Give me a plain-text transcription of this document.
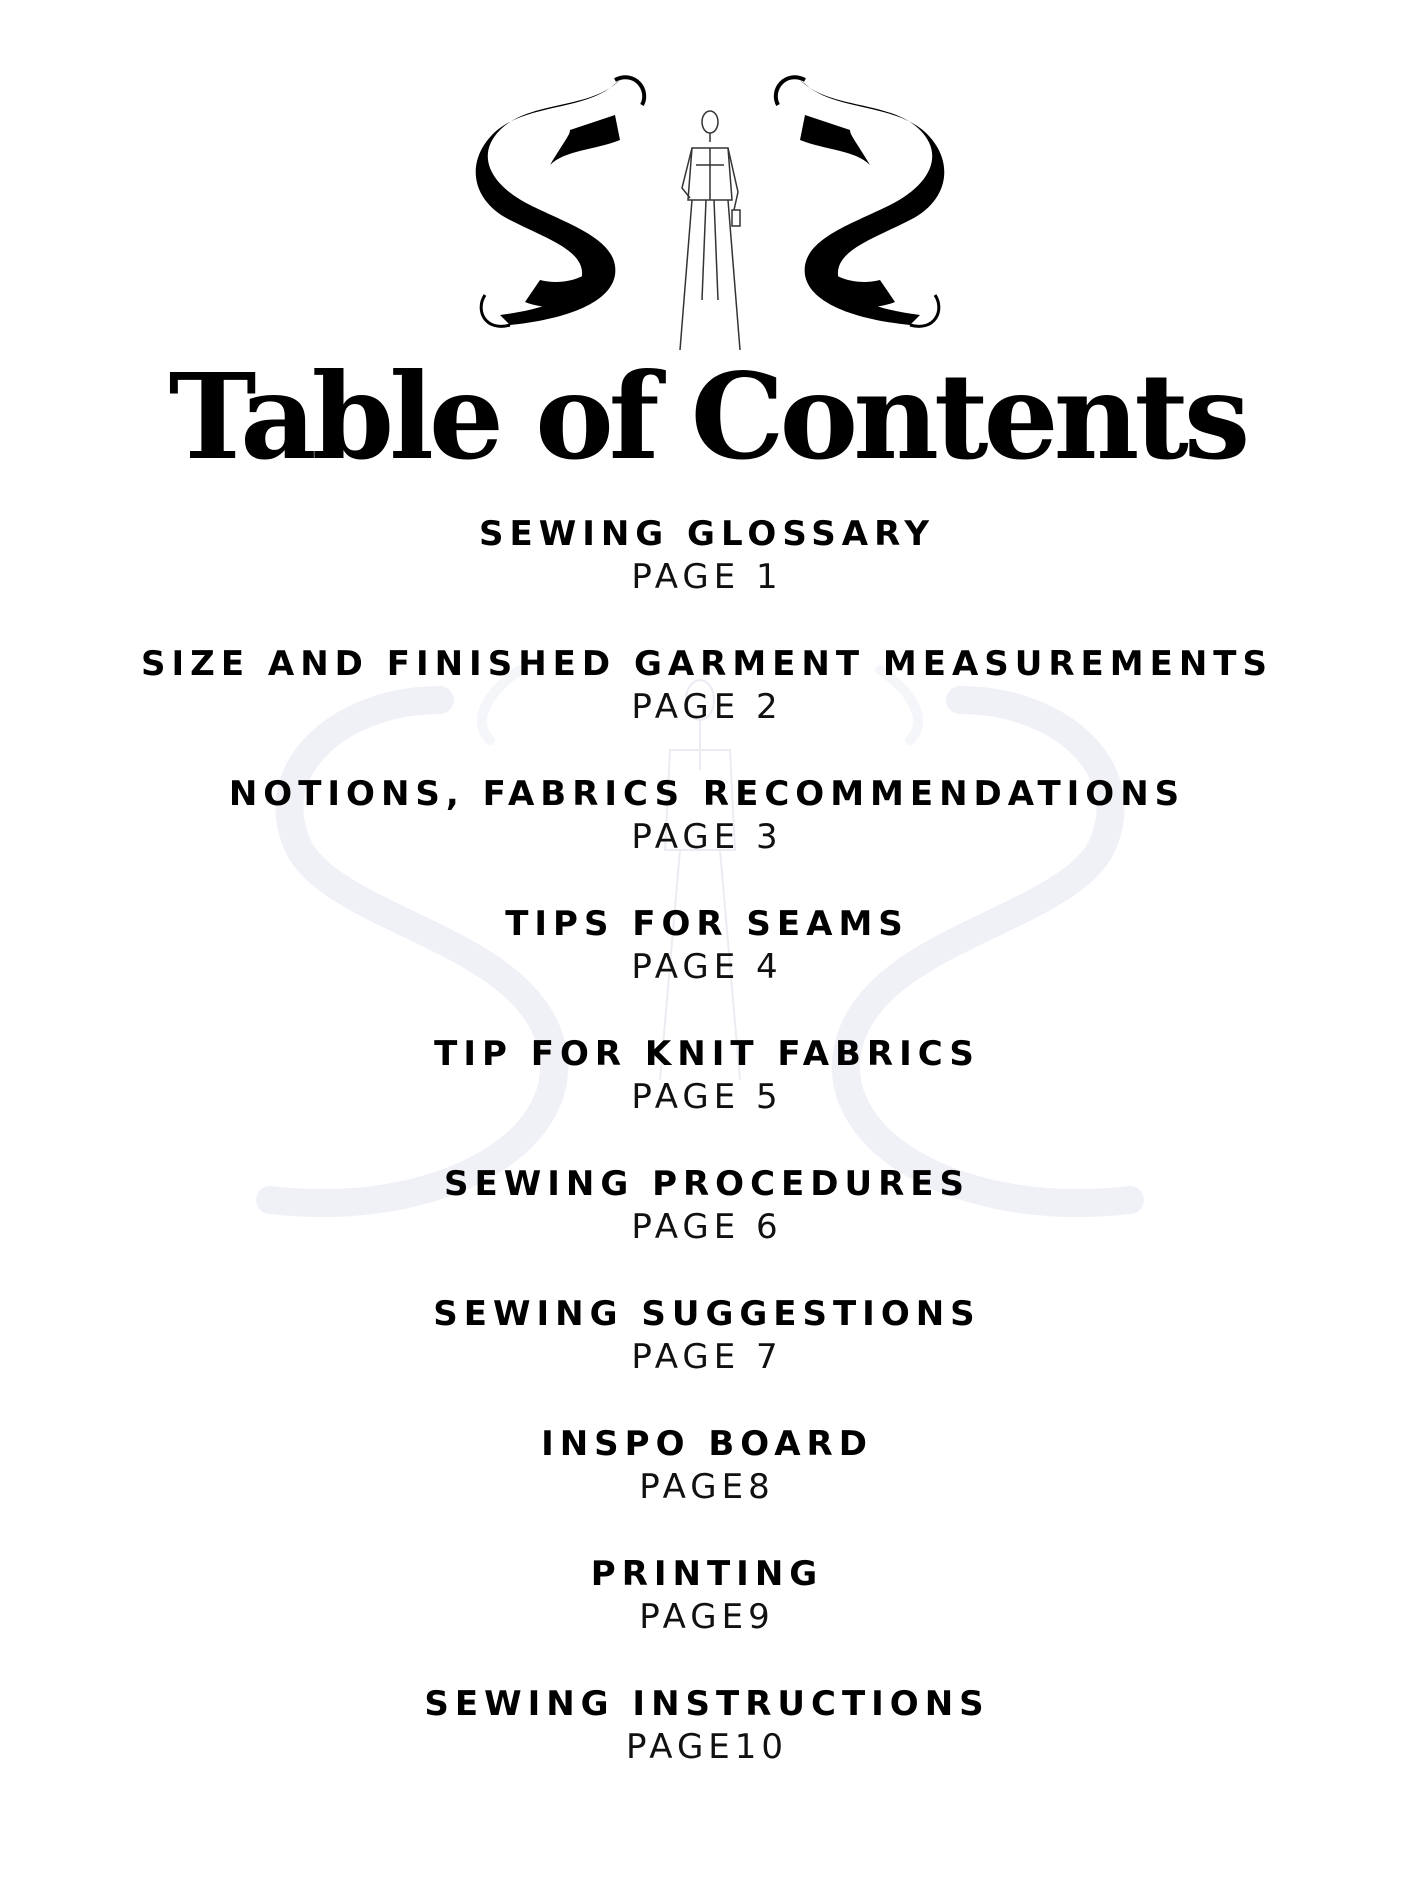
Table of Contents
SEWING GLOSSARY
PAGE 1
SIZE AND FINISHED GARMENT MEASUREMENTS
PAGE 2
NOTIONS, FABRICS RECOMMENDATIONS
PAGE 3
TIPS FOR SEAMS
PAGE 4
TIP FOR KNIT FABRICS
PAGE 5
SEWING PROCEDURES
PAGE 6
SEWING SUGGESTIONS
PAGE 7
INSPO BOARD
PAGE8
PRINTING
PAGE9
SEWING INSTRUCTIONS
PAGE10
